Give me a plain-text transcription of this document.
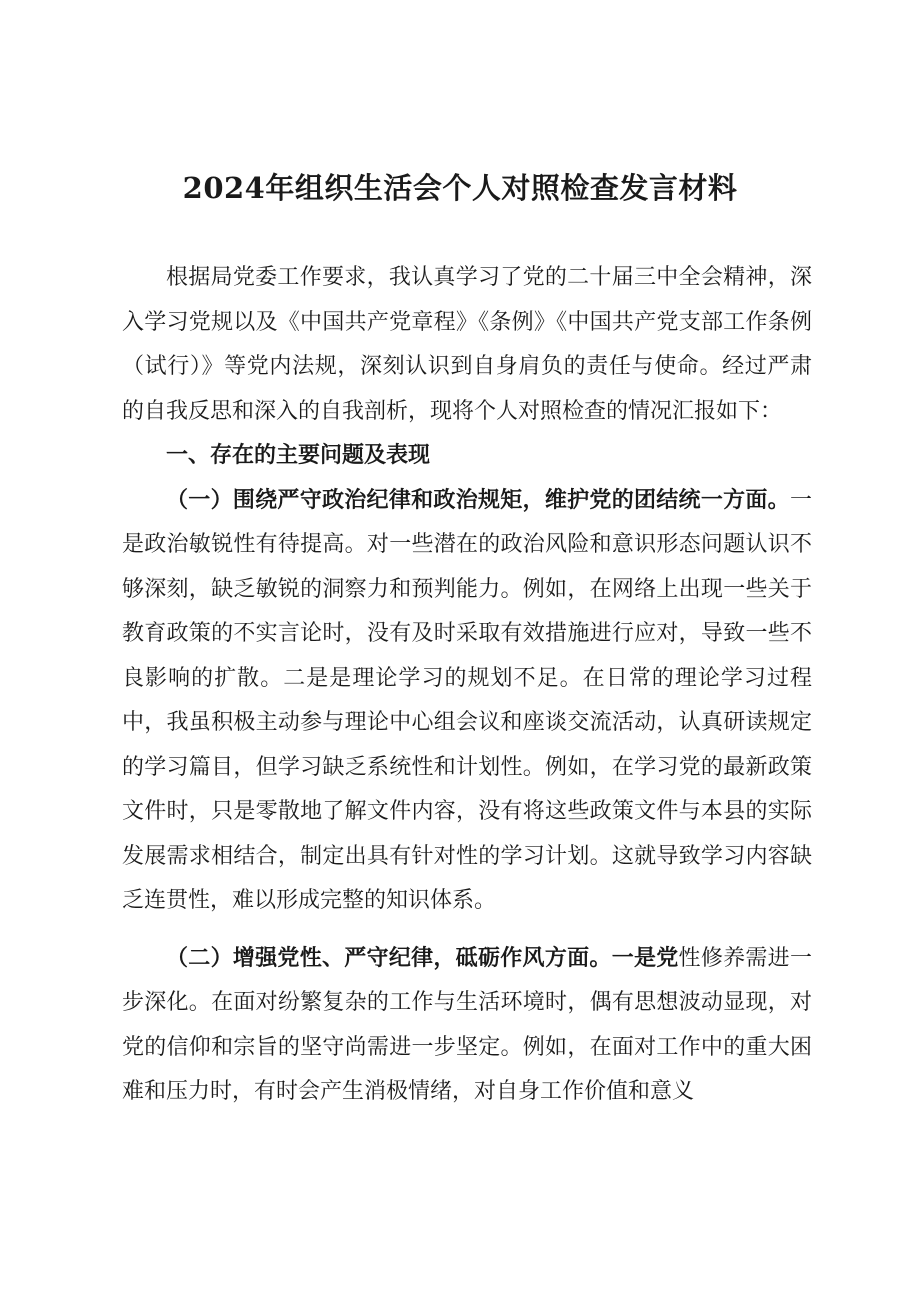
2024年组织生活会个人对照检查发言材料

根据局党委工作要求，我认真学习了党的二十届三中全会精神，深入学习党规以及《中国共产党章程》《条例》《中国共产党支部工作条例（试行）》等党内法规，深刻认识到自身肩负的责任与使命。经过严肃的自我反思和深入的自我剖析，现将个人对照检查的情况汇报如下：

一、存在的主要问题及表现

（一）围绕严守政治纪律和政治规矩，维护党的团结统一方面。一是政治敏锐性有待提高。对一些潜在的政治风险和意识形态问题认识不够深刻，缺乏敏锐的洞察力和预判能力。例如，在网络上出现一些关于教育政策的不实言论时，没有及时采取有效措施进行应对，导致一些不良影响的扩散。二是是理论学习的规划不足。在日常的理论学习过程中，我虽积极主动参与理论中心组会议和座谈交流活动，认真研读规定的学习篇目，但学习缺乏系统性和计划性。例如，在学习党的最新政策文件时，只是零散地了解文件内容，没有将这些政策文件与本县的实际发展需求相结合，制定出具有针对性的学习计划。这就导致学习内容缺乏连贯性，难以形成完整的知识体系。

（二）增强党性、严守纪律，砥砺作风方面。一是党性修养需进一步深化。在面对纷繁复杂的工作与生活环境时，偶有思想波动显现，对党的信仰和宗旨的坚守尚需进一步坚定。例如，在面对工作中的重大困难和压力时，有时会产生消极情绪，对自身工作价值和意义
